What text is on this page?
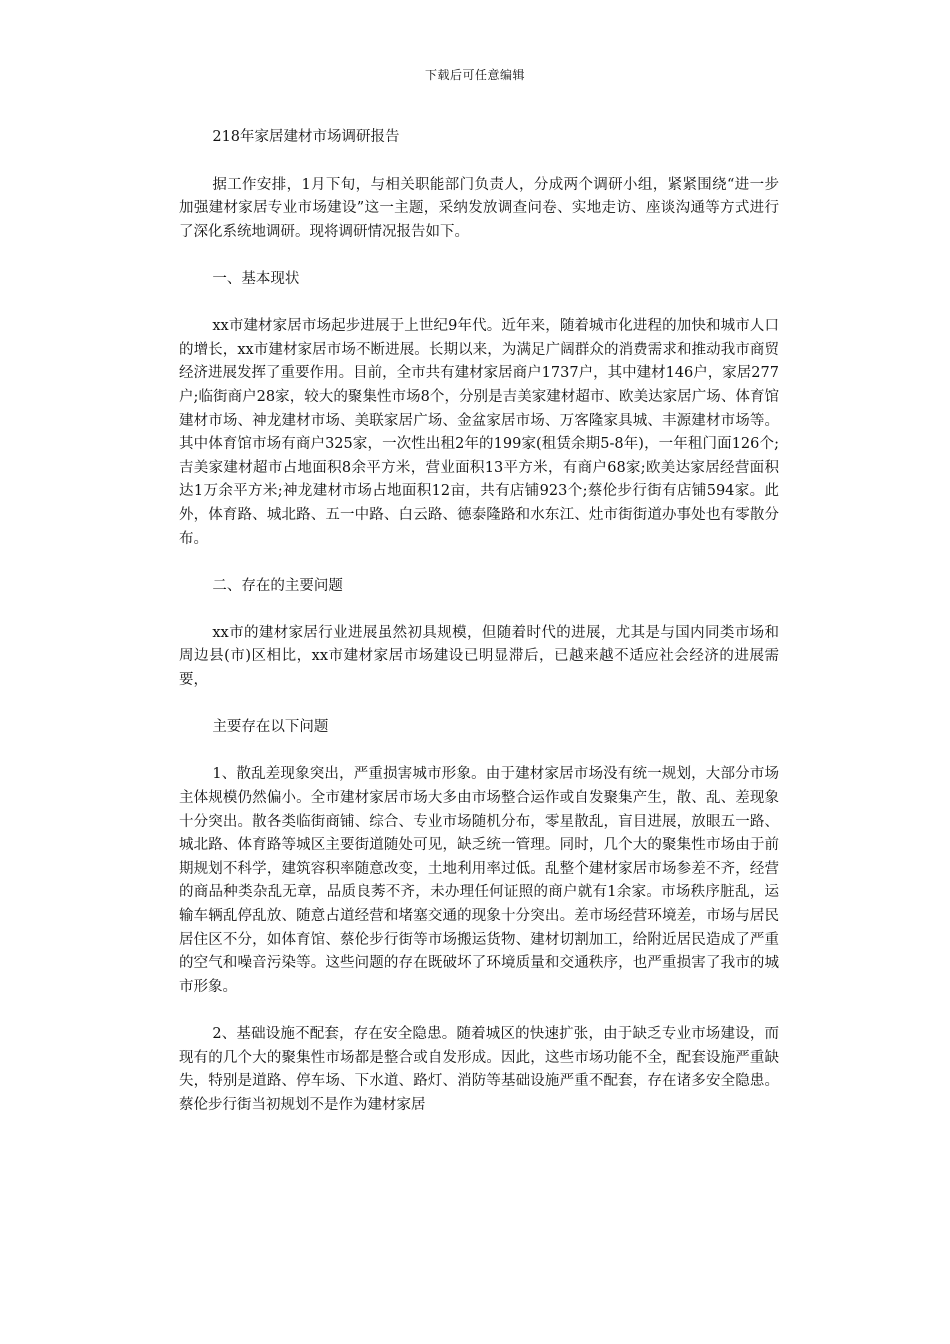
下载后可任意编辑

218年家居建材市场调研报告

据工作安排，1月下旬，与相关职能部门负责人，分成两个调研小组，紧紧围绕“进一步加强建材家居专业市场建设”这一主题，采纳发放调查问卷、实地走访、座谈沟通等方式进行了深化系统地调研。现将调研情况报告如下。

一、基本现状

xx市建材家居市场起步进展于上世纪9年代。近年来，随着城市化进程的加快和城市人口的增长，xx市建材家居市场不断进展。长期以来，为满足广阔群众的消费需求和推动我市商贸经济进展发挥了重要作用。目前，全市共有建材家居商户1737户，其中建材146户，家居277户;临街商户28家，较大的聚集性市场8个，分别是吉美家建材超市、欧美达家居广场、体育馆建材市场、神龙建材市场、美联家居广场、金盆家居市场、万客隆家具城、丰源建材市场等。其中体育馆市场有商户325家，一次性出租2年的199家(租赁余期5-8年)，一年租门面126个;吉美家建材超市占地面积8余平方米，营业面积13平方米，有商户68家;欧美达家居经营面积达1万余平方米;神龙建材市场占地面积12亩，共有店铺923个;蔡伦步行街有店铺594家。此外，体育路、城北路、五一中路、白云路、德泰隆路和水东江、灶市街街道办事处也有零散分布。

二、存在的主要问题

xx市的建材家居行业进展虽然初具规模，但随着时代的进展，尤其是与国内同类市场和周边县(市)区相比，xx市建材家居市场建设已明显滞后，已越来越不适应社会经济的进展需要，

主要存在以下问题

1、散乱差现象突出，严重损害城市形象。由于建材家居市场没有统一规划，大部分市场主体规模仍然偏小。全市建材家居市场大多由市场整合运作或自发聚集产生，散、乱、差现象十分突出。散各类临街商铺、综合、专业市场随机分布，零星散乱，盲目进展，放眼五一路、城北路、体育路等城区主要街道随处可见，缺乏统一管理。同时，几个大的聚集性市场由于前期规划不科学，建筑容积率随意改变，土地利用率过低。乱整个建材家居市场参差不齐，经营的商品种类杂乱无章，品质良莠不齐，未办理任何证照的商户就有1余家。市场秩序脏乱，运输车辆乱停乱放、随意占道经营和堵塞交通的现象十分突出。差市场经营环境差，市场与居民居住区不分，如体育馆、蔡伦步行街等市场搬运货物、建材切割加工，给附近居民造成了严重的空气和噪音污染等。这些问题的存在既破坏了环境质量和交通秩序，也严重损害了我市的城市形象。

2、基础设施不配套，存在安全隐患。随着城区的快速扩张，由于缺乏专业市场建设，而现有的几个大的聚集性市场都是整合或自发形成。因此，这些市场功能不全，配套设施严重缺失，特别是道路、停车场、下水道、路灯、消防等基础设施严重不配套，存在诸多安全隐患。蔡伦步行街当初规划不是作为建材家居
